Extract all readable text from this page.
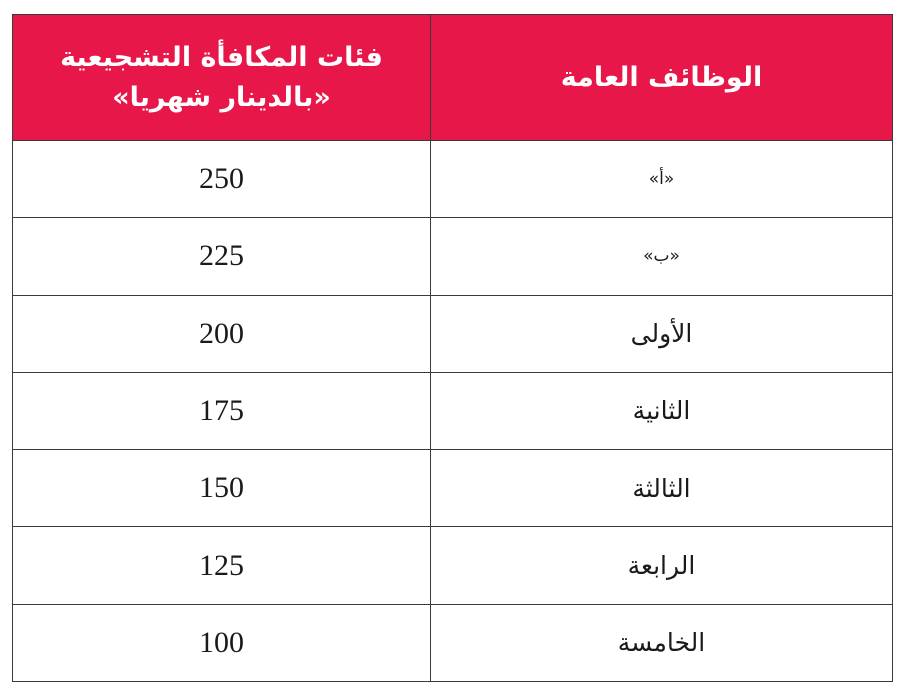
فئات المكافأة التشجيعية «بالدينار شهريا»	الوظائف العامة
250	«أ»
225	«ب»
200	الأولى
175	الثانية
150	الثالثة
125	الرابعة
100	الخامسة
